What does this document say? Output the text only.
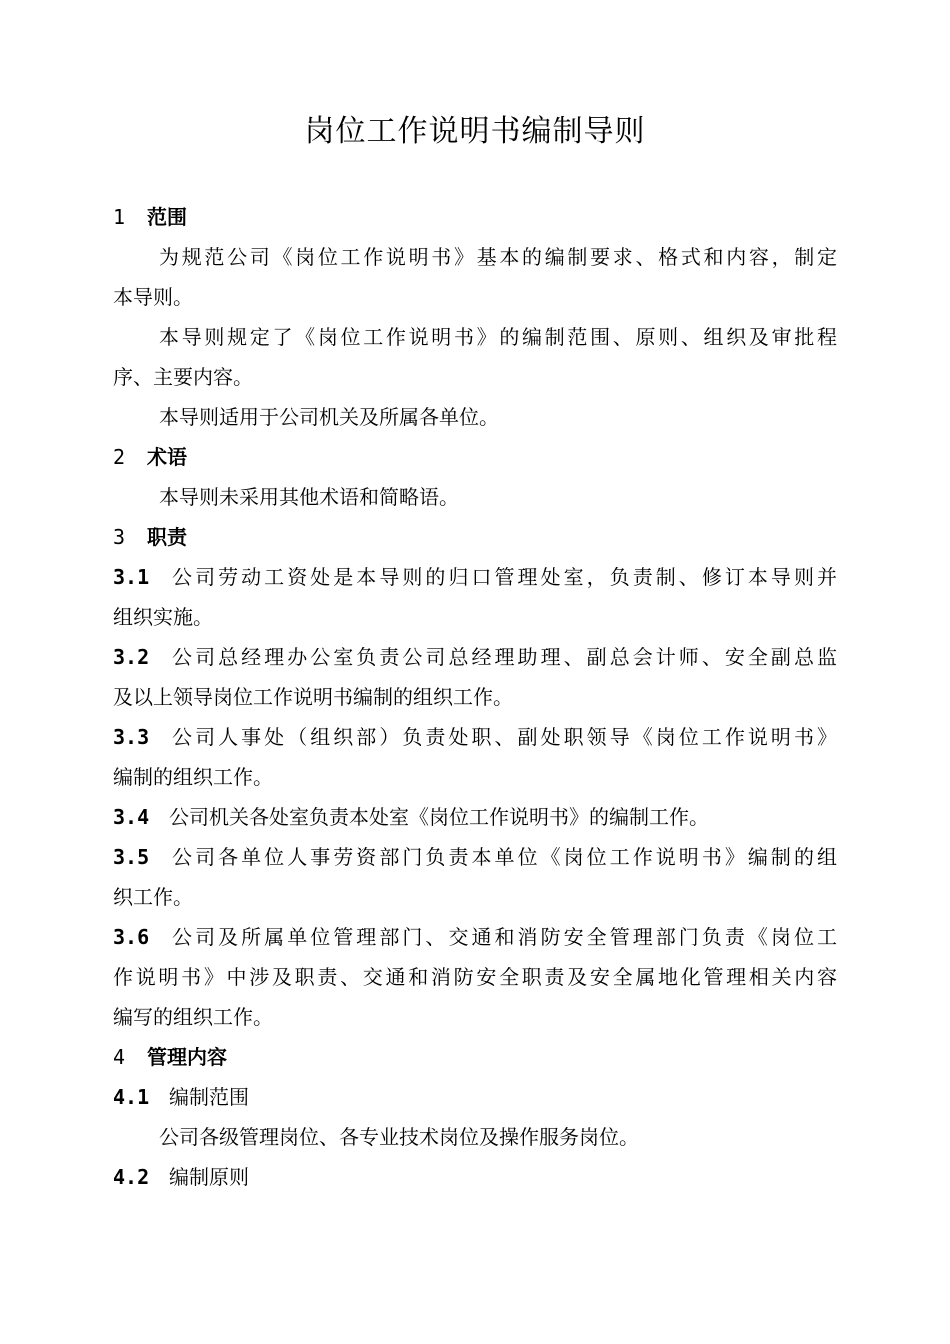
岗位工作说明书编制导则
1 范围
为规范公司《岗位工作说明书》基本的编制要求、格式和内容，制定
本导则。
本导则规定了《岗位工作说明书》的编制范围、原则、组织及审批程
序、主要内容。
本导则适用于公司机关及所属各单位。
2 术语
本导则未采用其他术语和简略语。
3 职责
3.1 公司劳动工资处是本导则的归口管理处室，负责制、修订本导则并
组织实施。
3.2 公司总经理办公室负责公司总经理助理、副总会计师、安全副总监
及以上领导岗位工作说明书编制的组织工作。
3.3 公司人事处（组织部）负责处职、副处职领导《岗位工作说明书》
编制的组织工作。
3.4 公司机关各处室负责本处室《岗位工作说明书》的编制工作。
3.5 公司各单位人事劳资部门负责本单位《岗位工作说明书》编制的组
织工作。
3.6 公司及所属单位管理部门、交通和消防安全管理部门负责《岗位工
作说明书》中涉及职责、交通和消防安全职责及安全属地化管理相关内容
编写的组织工作。
4 管理内容
4.1 编制范围
公司各级管理岗位、各专业技术岗位及操作服务岗位。
4.2 编制原则
